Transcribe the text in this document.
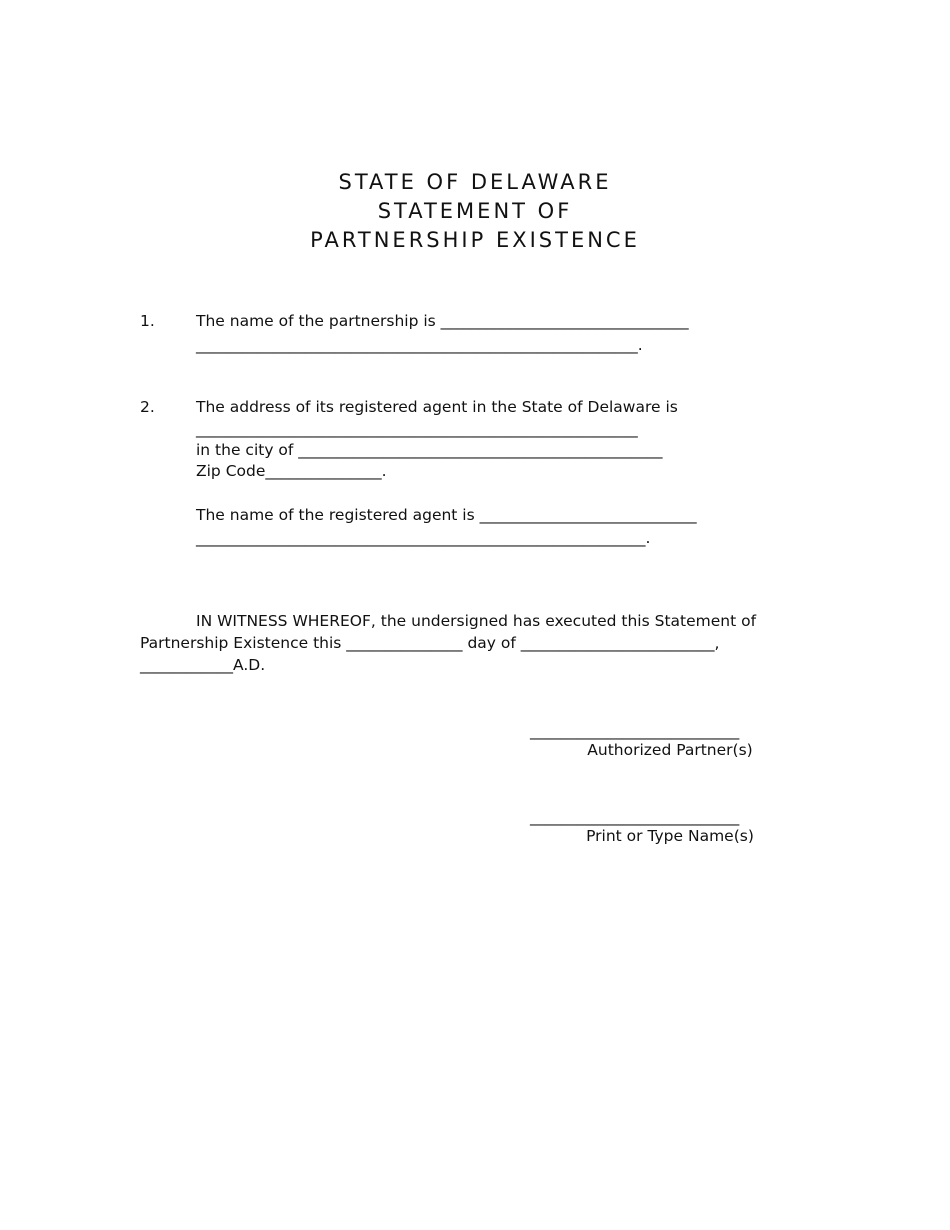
STATE OF DELAWARE
STATEMENT OF
PARTNERSHIP EXISTENCE
1.	The name of the partnership is ________________________________
_________________________________________________________.
2.	The address of its registered agent in the State of Delaware is
_________________________________________________________
in the city of _______________________________________________
Zip Code_______________.
The name of the registered agent is ____________________________
__________________________________________________________.
IN WITNESS WHEREOF, the undersigned has executed this Statement of
Partnership Existence this _______________ day of _________________________,
____________A.D.
___________________________
Authorized Partner(s)
___________________________
Print or Type Name(s)
